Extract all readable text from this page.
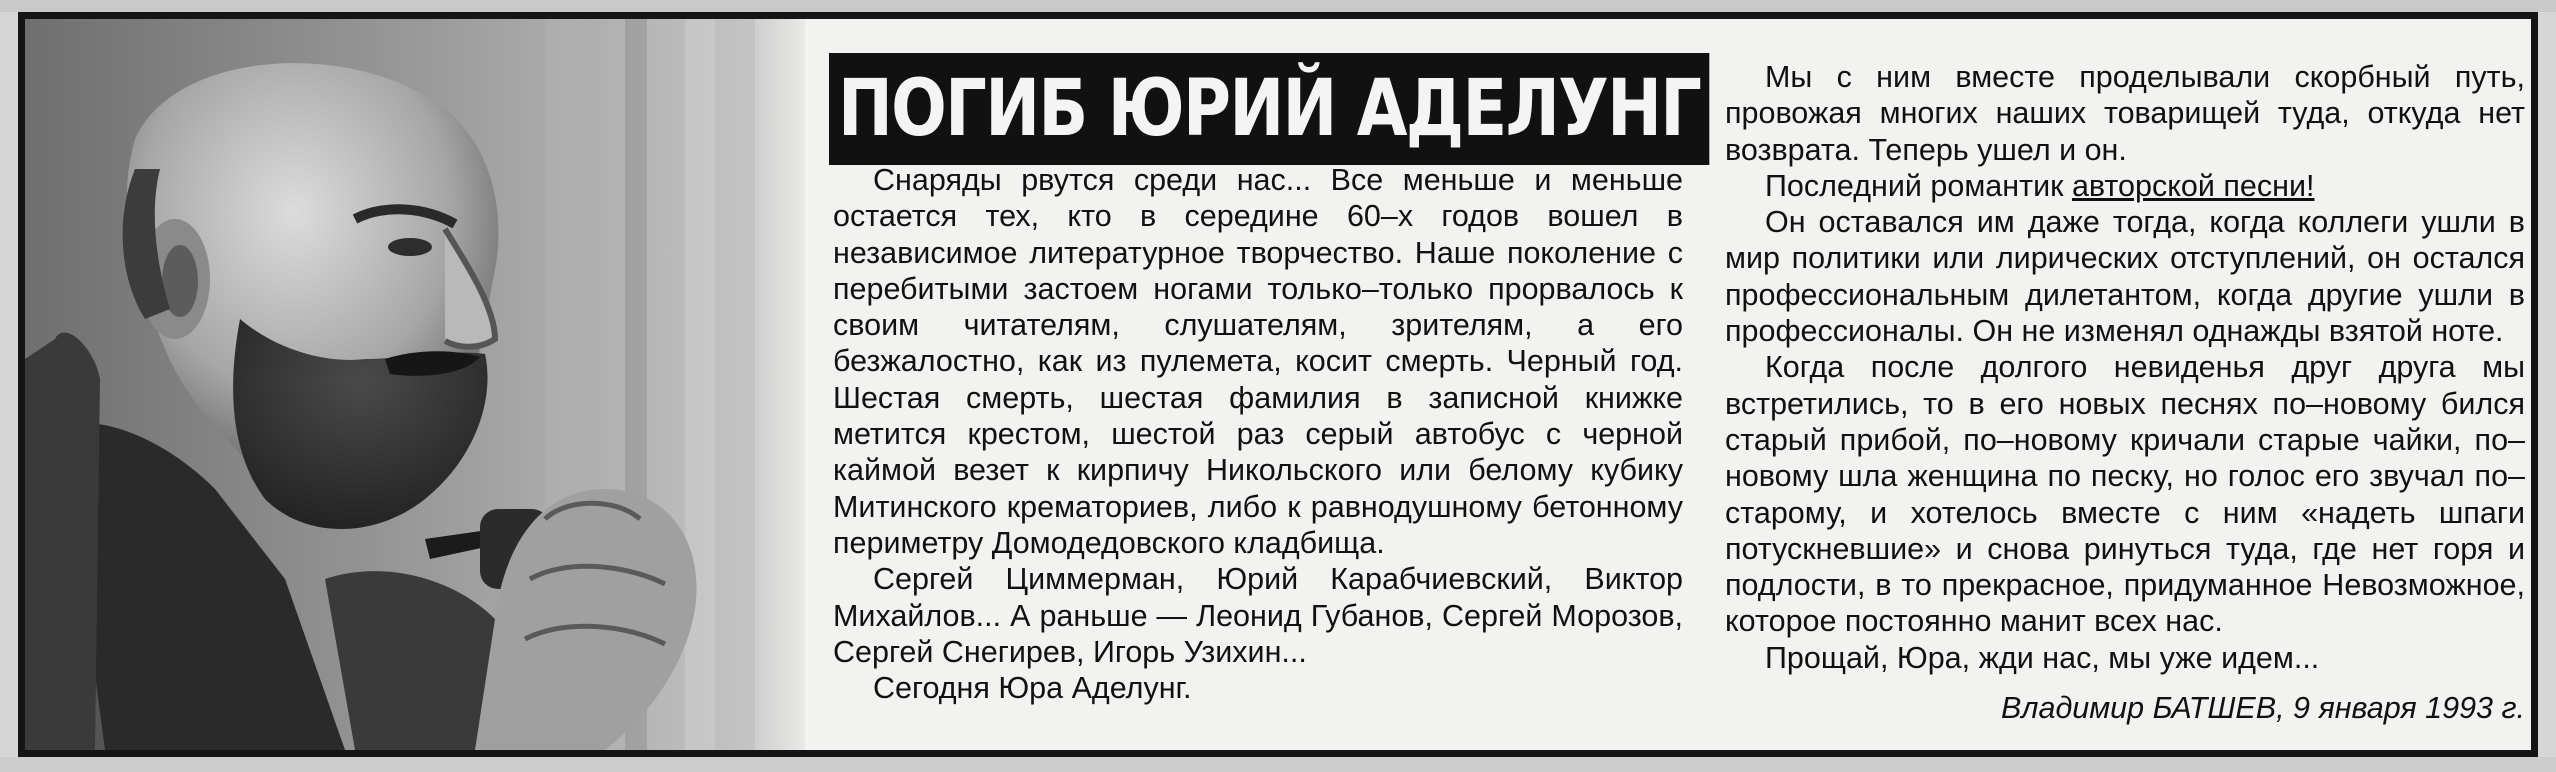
ПОГИБ ЮРИЙ АДЕЛУНГ

Снаряды рвутся среди нас... Все меньше и меньше остается тех, кто в середине 60–х годов вошел в независимое литературное творчество. Наше поколение с перебитыми застоем ногами только–только прорвалось к своим читателям, слушателям, зрителям, а его безжалостно, как из пулемета, косит смерть. Черный год. Шестая смерть, шестая фамилия в записной книжке метится крестом, шестой раз серый автобус с черной каймой везет к кирпичу Никольского или белому кубику Митинского крематориев, либо к равнодушному бетонному периметру Домодедовского кладбища.

Сергей Циммерман, Юрий Карабчиевский, Виктор Михайлов... А раньше — Леонид Губанов, Сергей Морозов, Сергей Снегирев, Игорь Узихин...

Сегодня Юра Аделунг.

Мы с ним вместе проделывали скорбный путь, провожая многих наших товарищей туда, откуда нет возврата. Теперь ушел и он.

Последний романтик авторской песни!

Он оставался им даже тогда, когда коллеги ушли в мир политики или лирических отступлений, он остался профессиональным дилетантом, когда другие ушли в профессионалы. Он не изменял однажды взятой ноте.

Когда после долгого невиденья друг друга мы встретились, то в его новых песнях по–новому бился старый прибой, по–новому кричали старые чайки, по–новому шла женщина по песку, но голос его звучал по–старому, и хотелось вместе с ним «надеть шпаги потускневшие» и снова ринуться туда, где нет горя и подлости, в то прекрасное, придуманное Невозможное, которое постоянно манит всех нас.

Прощай, Юра, жди нас, мы уже идем...

Владимир БАТШЕВ, 9 января 1993 г.
